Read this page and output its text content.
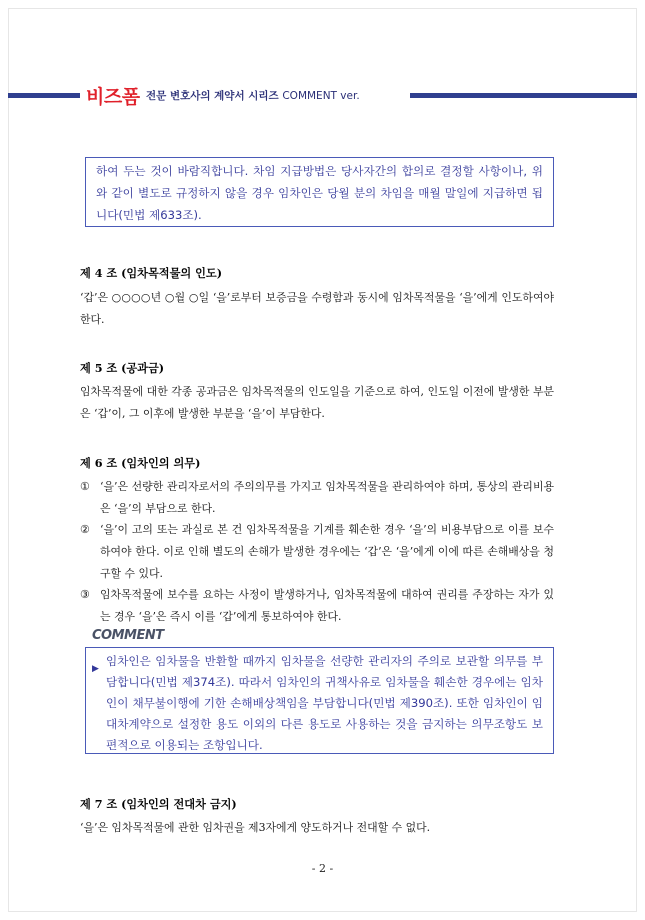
비즈폼 전문 변호사의 계약서 시리즈 COMMENT ver.

하여 두는 것이 바람직합니다. 차임 지급방법은 당사자간의 합의로 결정할 사항이나, 위와 같이 별도로 규정하지 않을 경우 임차인은 당월 분의 차임을 매월 말일에 지급하면 됩니다(민법 제633조).

제 4 조 (임차목적물의 인도)

‘갑’은 ○○○○년 ○월 ○일 ‘을’로부터 보증금을 수령함과 동시에 임차목적물을 ‘을’에게 인도하여야 한다.

제 5 조 (공과금)

임차목적물에 대한 각종 공과금은 임차목적물의 인도일을 기준으로 하여, 인도일 이전에 발생한 부분은 ‘갑’이, 그 이후에 발생한 부분을 ‘을’이 부담한다.

제 6 조 (임차인의 의무)
① ‘을’은 선량한 관리자로서의 주의의무를 가지고 임차목적물을 관리하여야 하며, 통상의 관리비용은 ‘을’의 부담으로 한다.
② ‘을’이 고의 또는 과실로 본 건 임차목적물을 기계를 훼손한 경우 ‘을’의 비용부담으로 이를 보수하여야 한다. 이로 인해 별도의 손해가 발생한 경우에는 ‘갑’은 ‘을’에게 이에 따른 손해배상을 청구할 수 있다.
③ 임차목적물에 보수를 요하는 사정이 발생하거나, 임차목적물에 대하여 권리를 주장하는 자가 있는 경우 ‘을’은 즉시 이를 ‘갑’에게 통보하여야 한다.
COMMENT
▶

임차인은 임차물을 반환할 때까지 임차물을 선량한 관리자의 주의로 보관할 의무를 부담합니다(민법 제374조). 따라서 임차인의 귀책사유로 임차물을 훼손한 경우에는 임차인이 채무불이행에 기한 손해배상책임을 부담합니다(민법 제390조). 또한 임차인이 임대차계약으로 설정한 용도 이외의 다른 용도로 사용하는 것을 금지하는 의무조항도 보편적으로 이용되는 조항입니다.

제 7 조 (임차인의 전대차 금지)

‘을’은 임차목적물에 관한 임차권을 제3자에게 양도하거나 전대할 수 없다.

- 2 -
